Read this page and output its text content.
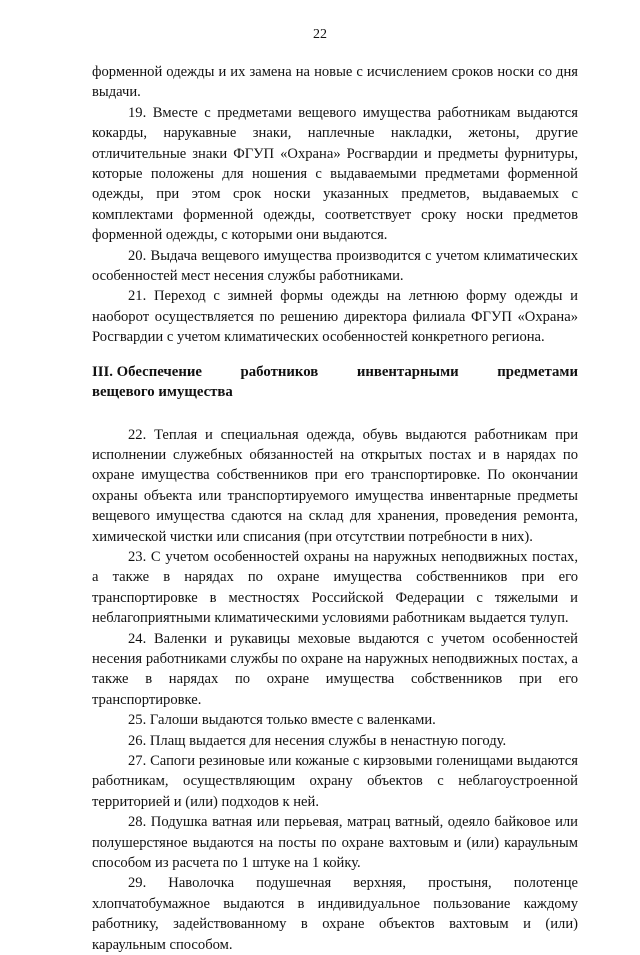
22

форменной одежды и их замена на новые с исчислением сроков носки со дня выдачи.

19. Вместе с предметами вещевого имущества работникам выдаются кокарды, нарукавные знаки, наплечные накладки, жетоны, другие отличительные знаки ФГУП «Охрана» Росгвардии и предметы фурнитуры, которые положены для ношения с выдаваемыми предметами форменной одежды, при этом срок носки указанных предметов, выдаваемых с комплектами форменной одежды, соответствует сроку носки предметов форменной одежды, с которыми они выдаются.

20. Выдача вещевого имущества производится с учетом климатических особенностей мест несения службы работниками.

21. Переход с зимней формы одежды на летнюю форму одежды и наоборот осуществляется по решению директора филиала ФГУП «Охрана» Росгвардии с учетом климатических особенностей конкретного региона.

III. Обеспечение	работников	инвентарными	предметами
вещевого имущества

22. Теплая и специальная одежда, обувь выдаются работникам при исполнении служебных обязанностей на открытых постах и в нарядах по охране имущества собственников при его транспортировке. По окончании охраны объекта или транспортируемого имущества инвентарные предметы вещевого имущества сдаются на склад для хранения, проведения ремонта, химической чистки или списания (при отсутствии потребности в них).

23. С учетом особенностей охраны на наружных неподвижных постах, а также в нарядах по охране имущества собственников при его транспортировке в местностях Российской Федерации с тяжелыми и неблагоприятными климатическими условиями работникам выдается тулуп.

24. Валенки и рукавицы меховые выдаются с учетом особенностей несения работниками службы по охране на наружных неподвижных постах, а также в нарядах по охране имущества собственников при его транспортировке.

25. Галоши выдаются только вместе с валенками.

26. Плащ выдается для несения службы в ненастную погоду.

27. Сапоги резиновые или кожаные с кирзовыми голенищами выдаются работникам, осуществляющим охрану объектов с неблагоустроенной территорией и (или) подходов к ней.

28. Подушка ватная или перьевая, матрац ватный, одеяло байковое или полушерстяное выдаются на посты по охране вахтовым и (или) караульным способом из расчета по 1 штуке на 1 койку.

29. Наволочка подушечная верхняя, простыня, полотенце хлопчатобумажное выдаются в индивидуальное пользование каждому работнику, задействованному в охране объектов вахтовым и (или) караульным способом.
